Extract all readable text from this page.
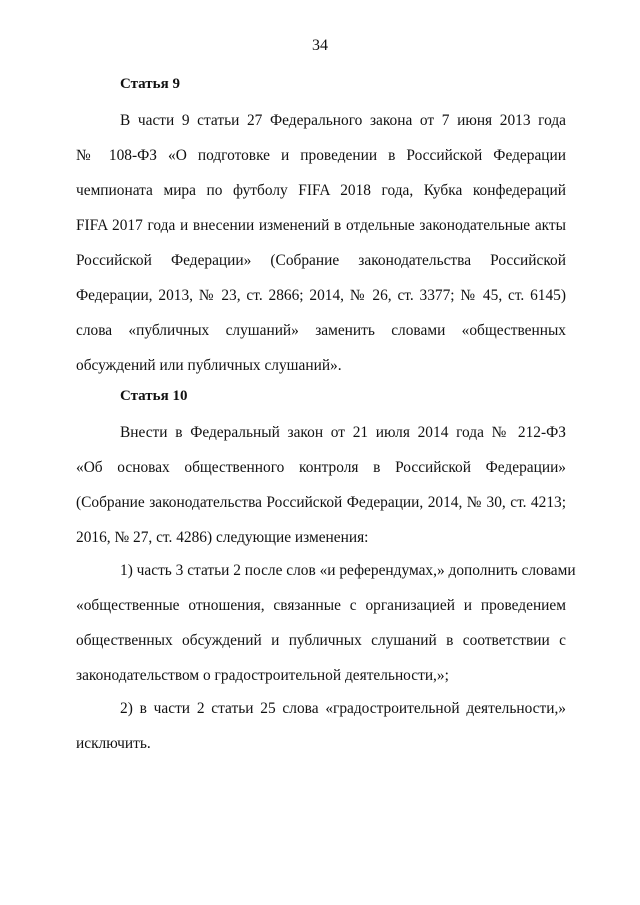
34
Статья 9
В части 9 статьи 27 Федерального закона от 7 июня 2013 года
№ 108-ФЗ «О подготовке и проведении в Российской Федерации
чемпионата мира по футболу FIFA 2018 года, Кубка конфедераций
FIFA 2017 года и внесении изменений в отдельные законодательные акты
Российской Федерации» (Собрание законодательства Российской
Федерации, 2013, № 23, ст. 2866; 2014, № 26, ст. 3377; № 45, ст. 6145)
слова «публичных слушаний» заменить словами «общественных
обсуждений или публичных слушаний».
Статья 10
Внести в Федеральный закон от 21 июля 2014 года № 212-ФЗ
«Об основах общественного контроля в Российской Федерации»
(Собрание законодательства Российской Федерации, 2014, № 30, ст. 4213;
2016, № 27, ст. 4286) следующие изменения:
1) часть 3 статьи 2 после слов «и референдумах,» дополнить словами
«общественные отношения, связанные с организацией и проведением
общественных обсуждений и публичных слушаний в соответствии с
законодательством о градостроительной деятельности,»;
2) в части 2 статьи 25 слова «градостроительной деятельности,»
исключить.
